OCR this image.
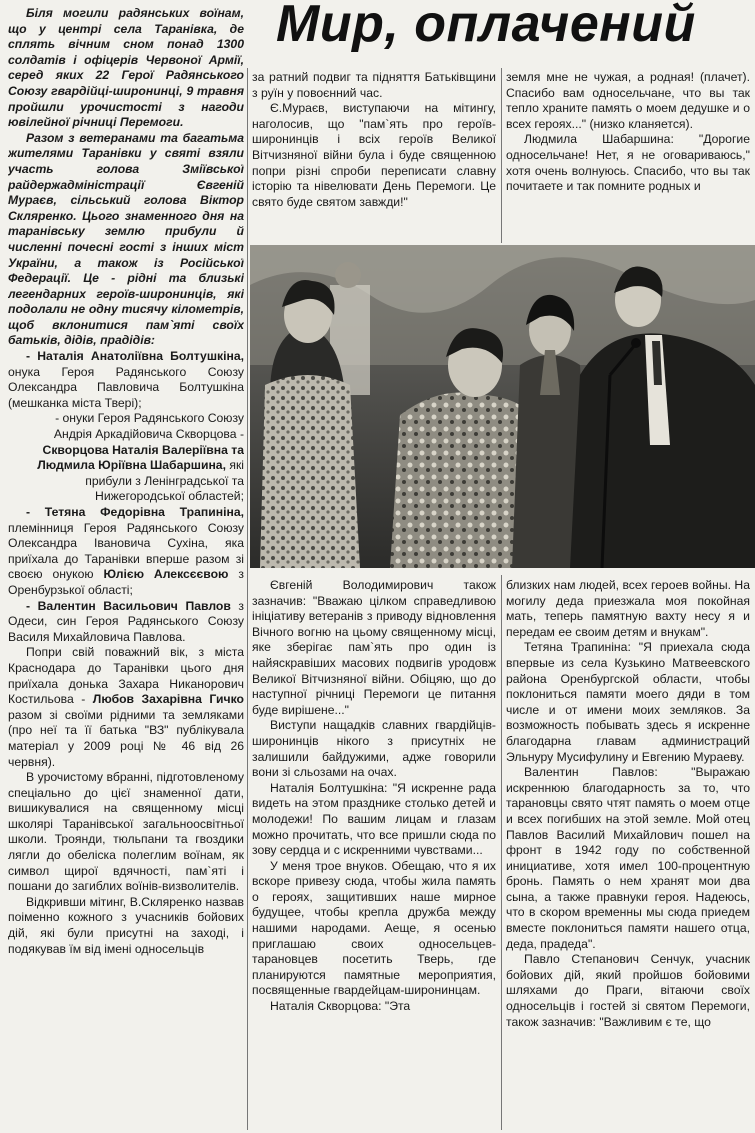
Мир, оплачений

Біля могили радянських воїнам, що у центрі села Таранівка, де сплять вічним сном понад 1300 солдатів і офіцерів Червоної Армії, серед яких 22 Герої Радянського Союзу гвардійці-широнинці, 9 травня пройшли урочистості з нагоди ювілейної річниці Перемоги.

Разом з ветеранами та багатьма жителями Таранівки у святі взяли участь голова Зміївської райдержадміністрації Євгеній Мураєв, сільський голова Віктор Скляренко. Цього знаменного дня на таранівську землю прибули й численні почесні гості з інших міст України, а також із Російської Федерації. Це - рідні та близькі легендарних героїв-широнинців, які подолали не одну тисячу кілометрів, щоб вклонитися пам`яті своїх батьків, дідів, прадідів:

- Наталія Анатоліївна Болтушкіна, онука Героя Радянського Союзу Олександра Павловича Болтушкіна (мешканка міста Твері);

- онуки Героя Радянського Союзу Андрія Аркадійовича Скворцова - Скворцова Наталія Валеріївна та Людмила Юріївна Шабаршина, які прибули з Ленінградської та Нижегородської областей;

- Тетяна Федорівна Трапиніна, племінниця Героя Радянського Союзу Олександра Івановича Сухіна, яка приїхала до Таранівки вперше разом зі своєю онукою Юлією Алексєєвою з Оренбурзької області;

- Валентин Васильович Павлов з Одеси, син Героя Радянського Союзу Василя Михайловича Павлова.

Попри свій поважний вік, з міста Краснодара до Таранівки цього дня приїхала донька Захара Никанорович Костильова - Любов Захарівна Гичко разом зі своїми рідними та земляками (про неї та її батька "ВЗ" публікувала матеріал у 2009 році № 46 від 26 червня).

В урочистому вбранні, підготовленому спеціально до цієї знаменної дати, вишикувалися на священному місці школярі Таранівської загальноосвітньої школи. Троянди, тюльпани та гвоздики лягли до обеліска полеглим воїнам, як символ щирої вдячності, пам`яті і пошани до загиблих воїнів-визволителів.

Відкривши мітинг, В.Скляренко назвав поіменно кожного з учасників бойових дій, які були присутні на заході, і подякував їм від імені односельців

за ратний подвиг та підняття Батьківщини з руїн у повоєнний час.

Є.Мураєв, виступаючи на мітингу, наголосив, що "пам`ять про героїв-широнинців і всіх героїв Великої Вітчизняної війни була і буде священною попри різні спроби переписати славну історію та нівелювати День Перемоги. Це свято буде святом завжди!"

земля мне не чужая, а родная! (плачет). Спасибо вам односельчане, что вы так тепло храните память о моем дедушке и о всех героях..." (низко кланяется).

Людмила Шабаршина: "Дорогие односельчане! Нет, я не оговариваюсь," хотя очень волнуюсь. Спасибо, что вы так почитаете и так помните родных и

Євгеній Володимирович також зазначив: "Вважаю цілком справедливою ініціативу ветеранів з приводу відновлення Вічного вогню на цьому священному місці, яке зберігає пам`ять про один із найяскравіших масових подвигів уродовж Великої Вітчизняної війни. Обіцяю, що до наступної річниці Перемоги це питання буде вирішене..."

Виступи нащадків славних гвардійців-широнинців нікого з присутніх не залишили байдужими, адже говорили вони зі сльозами на очах.

Наталія Болтушкіна: "Я искренне рада видеть на этом празднике столько детей и молодежи! По вашим лицам и глазам можно прочитать, что все пришли сюда по зову сердца и с искренними чувствами...

У меня трое внуков. Обещаю, что я их вскоре привезу сюда, чтобы жила память о героях, защитивших наше мирное будущее, чтобы крепла дружба между нашими народами. Аеще, я осенью приглашаю своих односельцев-тарановцев посетить Тверь, где планируются памятные мероприятия, посвященные гвардейцам-широнинцам.

Наталія Скворцова: "Эта

близких нам людей, всех героев войны. На могилу деда приезжала моя покойная мать, теперь памятную вахту несу я и передам ее своим детям и внукам".

Тетяна Трапиніна: "Я приехала сюда впервые из села Кузькино Матвеевского района Оренбургской области, чтобы поклониться памяти моего дяди в том числе и от имени моих земляков. За возможность побывать здесь я искренне благодарна главам администраций Эльнуру Мусифулину и Евгению Мураеву.

Валентин Павлов: "Выражаю искреннюю благодарность за то, что тарановцы свято чтят память о моем отце и всех погибших на этой земле. Мой отец Павлов Василий Михайлович пошел на фронт в 1942 году по собственной инициативе, хотя имел 100-процентную бронь. Память о нем хранят мои два сына, а также правнуки героя. Надеюсь, что в скором временны мы сюда приедем вместе поклониться памяти нашего отца, деда, прадеда".

Павло Степанович Сенчук, учасник бойових дій, який пройшов бойовими шляхами до Праги, вітаючи своїх односельців і гостей зі святом Перемоги, також зазначив: "Важливим є те, що
